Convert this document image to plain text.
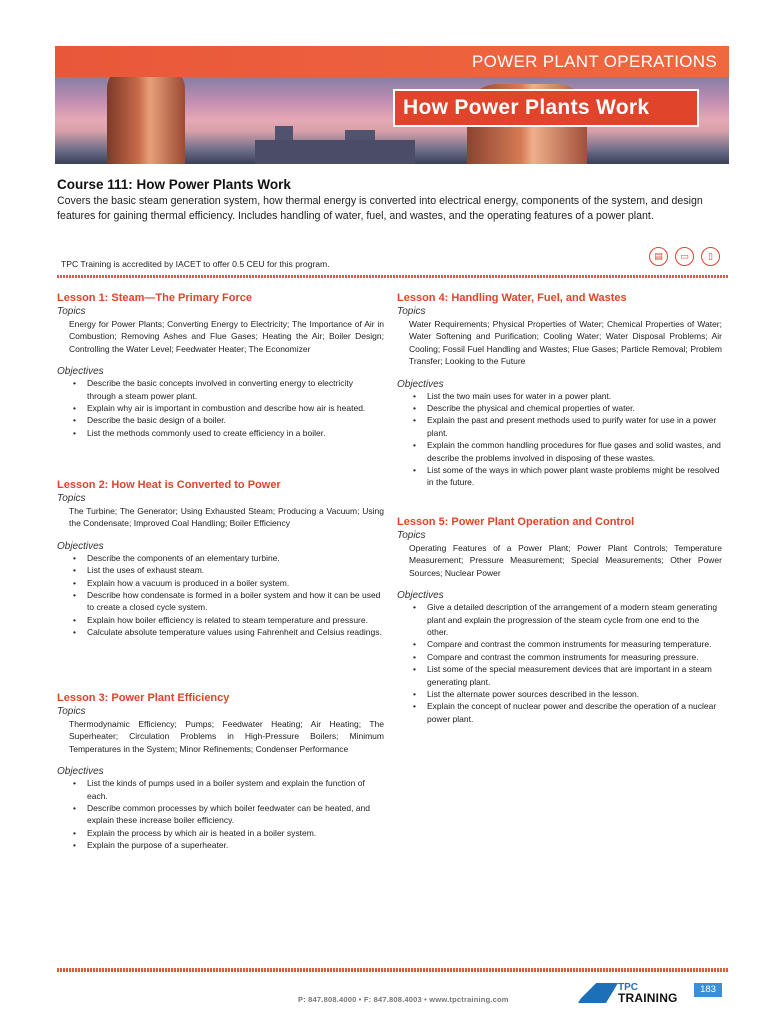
POWER PLANT OPERATIONS
How Power Plants Work
Course 111: How Power Plants Work
Covers the basic steam generation system, how thermal energy is converted into electrical energy, components of the system, and design features for gaining thermal efficiency. Includes handling of water, fuel, and wastes, and the operating features of a power plant.
TPC Training is accredited by IACET to offer 0.5 CEU for this program.
▤	▭	▯
Lesson 1: Steam—The Primary Force
Topics
Energy for Power Plants; Converting Energy to Electricity; The Importance of Air in Combustion; Removing Ashes and Flue Gases; Heating the Air; Boiler Design; Controlling the Water Level; Feedwater Heater; The Economizer
Objectives
• Describe the basic concepts involved in converting energy to electricity through a steam power plant.
• Explain why air is important in combustion and describe how air is heated.
• Describe the basic design of a boiler.
• List the methods commonly used to create efficiency in a boiler.
Lesson 2: How Heat is Converted to Power
Topics
The Turbine; The Generator; Using Exhausted Steam; Producing a Vacuum; Using the Condensate; Improved Coal Handling; Boiler Efficiency
Objectives
• Describe the components of an elementary turbine.
• List the uses of exhaust steam.
• Explain how a vacuum is produced in a boiler system.
• Describe how condensate is formed in a boiler system and how it can be used to create a closed cycle system.
• Explain how boiler efficiency is related to steam temperature and pressure.
• Calculate absolute temperature values using Fahrenheit and Celsius readings.
Lesson 3: Power Plant Efficiency
Topics
Thermodynamic Efficiency; Pumps; Feedwater Heating; Air Heating; The Superheater; Circulation Problems in High-Pressure Boilers; Minimum Temperatures in the System; Minor Refinements; Condenser Performance
Objectives
• List the kinds of pumps used in a boiler system and explain the function of each.
• Describe common processes by which boiler feedwater can be heated, and explain these increase boiler efficiency.
• Explain the process by which air is heated in a boiler system.
• Explain the purpose of a superheater.
Lesson 4: Handling Water, Fuel, and Wastes
Topics
Water Requirements; Physical Properties of Water; Chemical Properties of Water; Water Softening and Purification; Cooling Water; Water Disposal Problems; Air Cooling; Fossil Fuel Handling and Wastes; Flue Gases; Particle Removal; Problem Transfer; Looking to the Future
Objectives
• List the two main uses for water in a power plant.
• Describe the physical and chemical properties of water.
• Explain the past and present methods used to purify water for use in a power plant.
• Explain the common handling procedures for flue gases and solid wastes, and describe the problems involved in disposing of these wastes.
• List some of the ways in which power plant waste problems might be resolved in the future.
Lesson 5: Power Plant Operation and Control
Topics
Operating Features of a Power Plant; Power Plant Controls; Temperature Measurement; Pressure Measurement; Special Measurements; Other Power Sources; Nuclear Power
Objectives
• Give a detailed description of the arrangement of a modern steam generating plant and explain the progression of the steam cycle from one end to the other.
• Compare and contrast the common instruments for measuring temperature.
• Compare and contrast the common instruments for measuring pressure.
• List some of the special measurement devices that are important in a steam generating plant.
• List the alternate power sources described in the lesson.
• Explain the concept of nuclear power and describe the operation of a nuclear power plant.
P: 847.808.4000 • F: 847.808.4003 • www.tpctraining.com
TPC
TRAINING
183
